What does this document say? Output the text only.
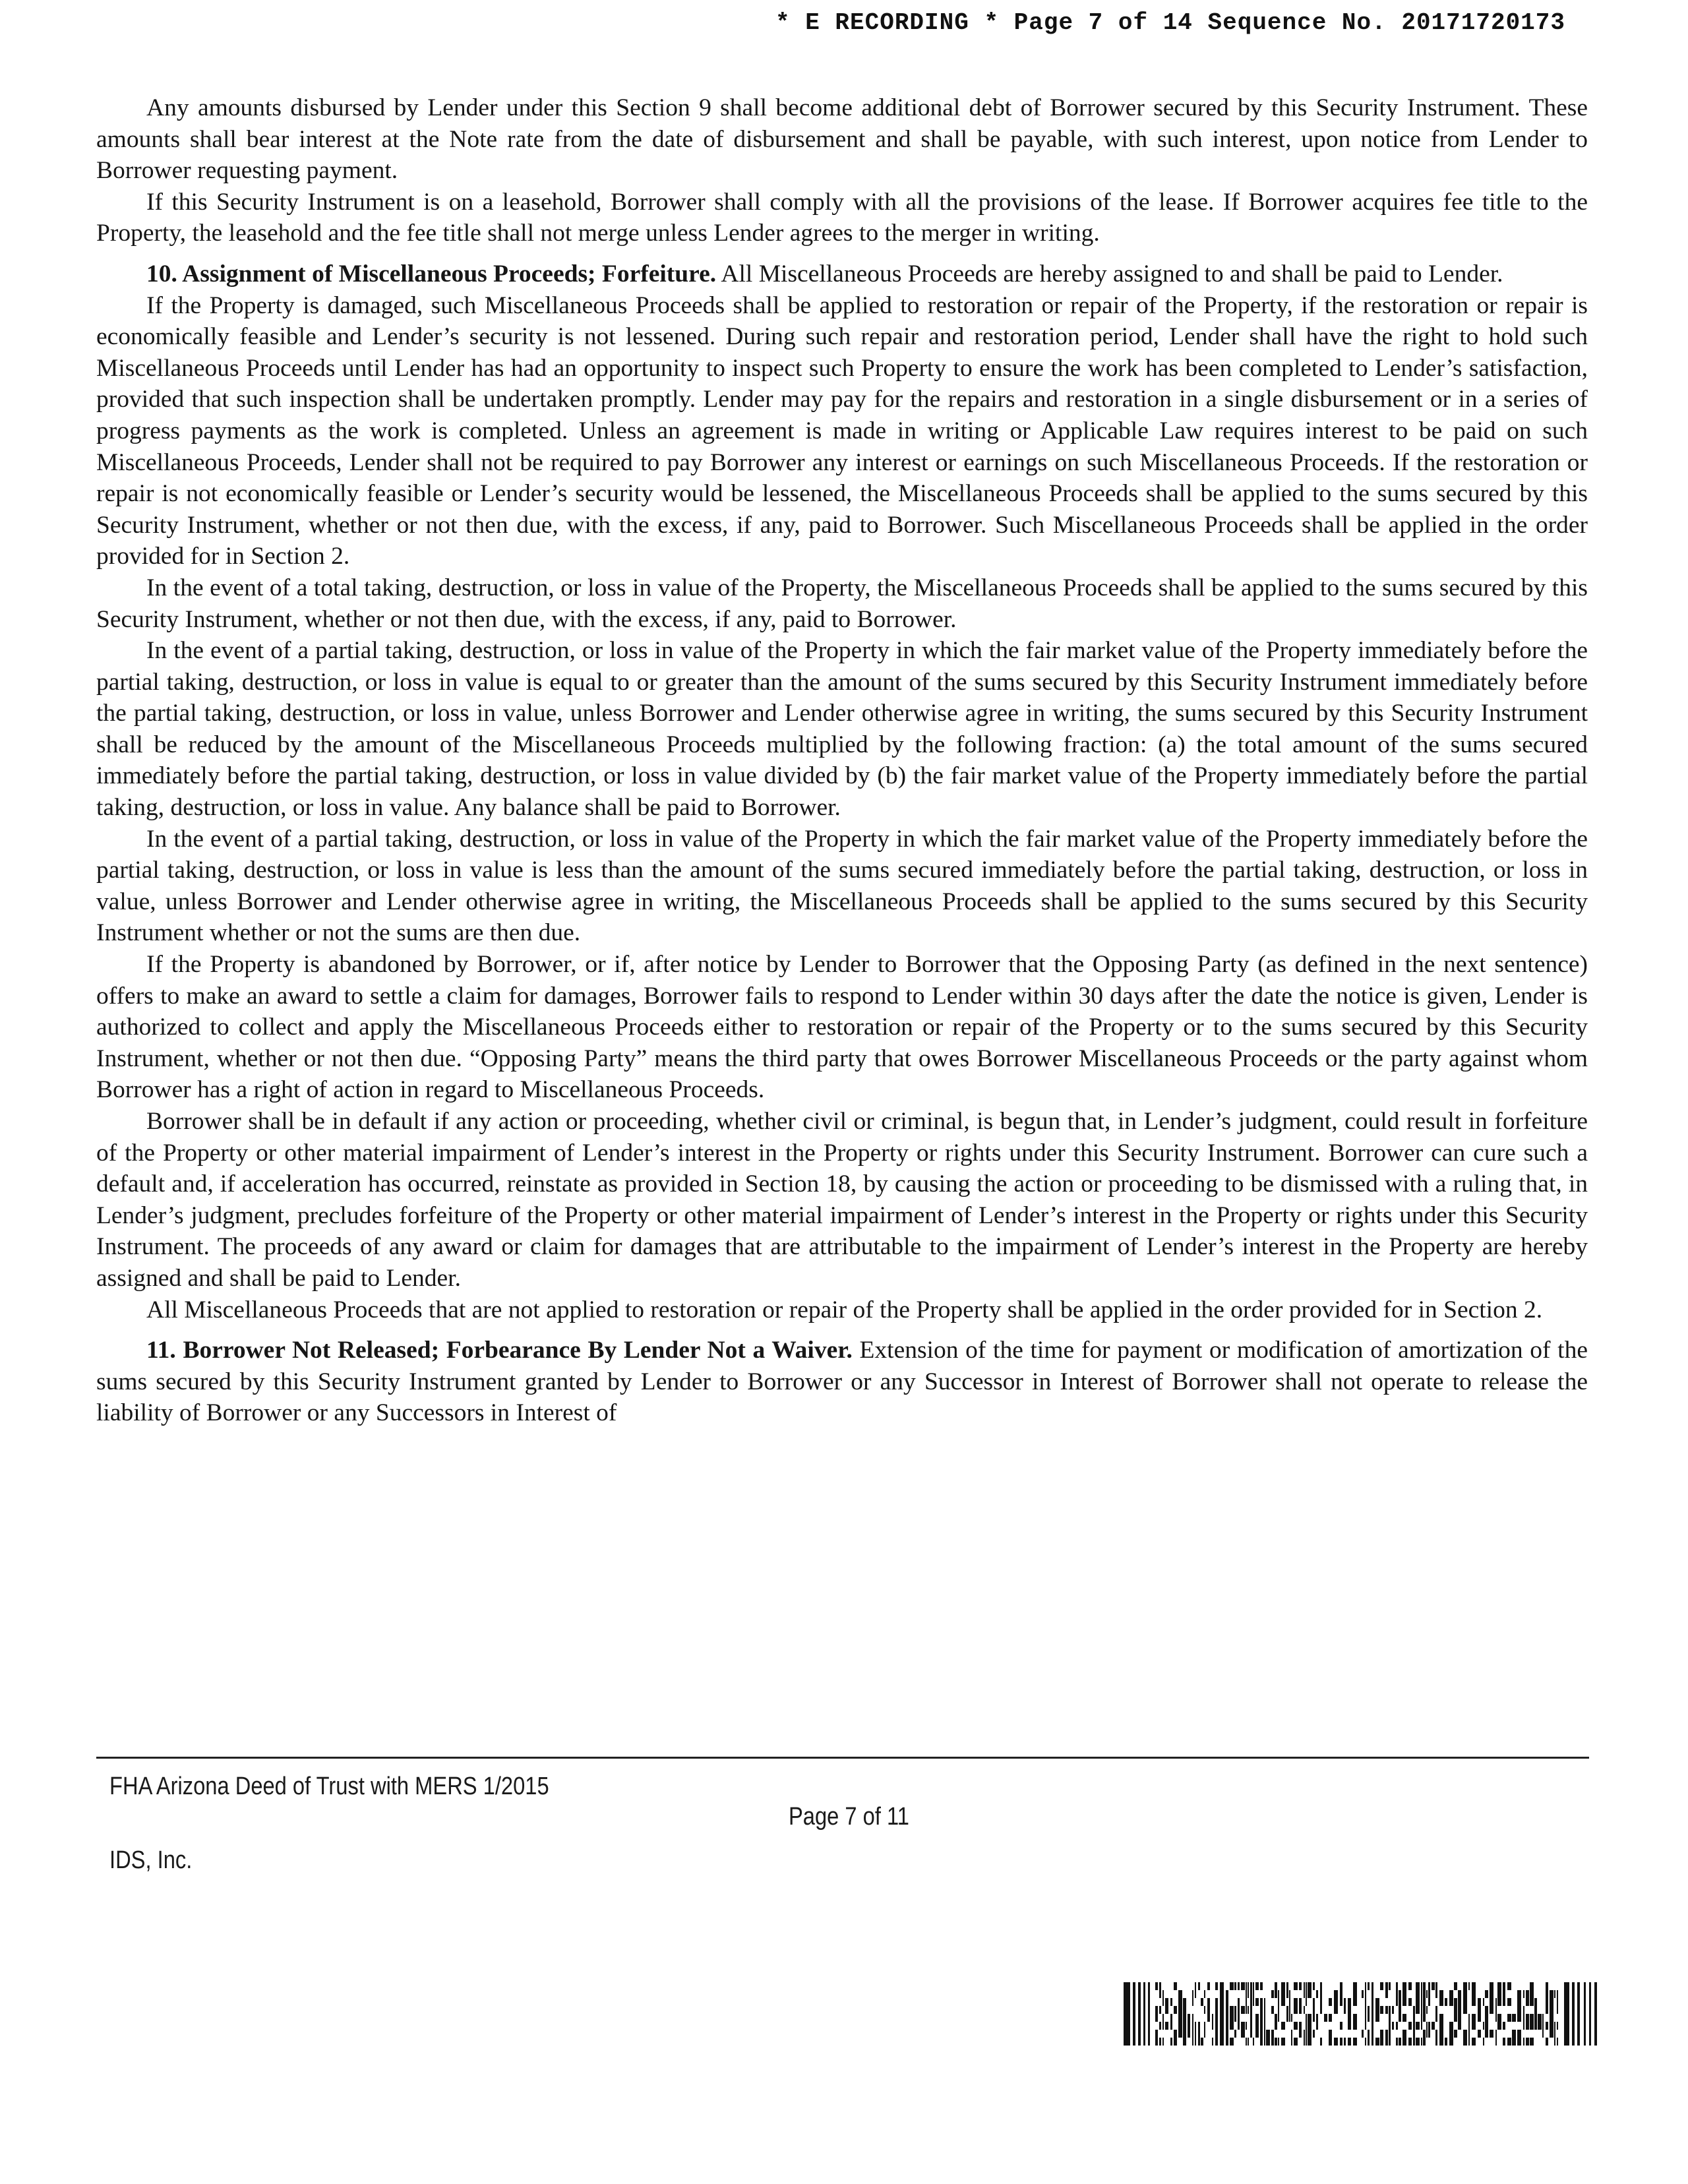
* E RECORDING * Page 7 of 14 Sequence No. 20171720173

Any amounts disbursed by Lender under this Section 9 shall become additional debt of Borrower secured by this Security Instrument. These amounts shall bear interest at the Note rate from the date of disbursement and shall be payable, with such interest, upon notice from Lender to Borrower requesting payment.

If this Security Instrument is on a leasehold, Borrower shall comply with all the provisions of the lease. If Borrower acquires fee title to the Property, the leasehold and the fee title shall not merge unless Lender agrees to the merger in writing.

10. Assignment of Miscellaneous Proceeds; Forfeiture. All Miscellaneous Proceeds are hereby assigned to and shall be paid to Lender.

If the Property is damaged, such Miscellaneous Proceeds shall be applied to restoration or repair of the Property, if the restoration or repair is economically feasible and Lender’s security is not lessened. During such repair and restoration period, Lender shall have the right to hold such Miscellaneous Proceeds until Lender has had an opportunity to inspect such Property to ensure the work has been completed to Lender’s satisfaction, provided that such inspection shall be undertaken promptly. Lender may pay for the repairs and restoration in a single disbursement or in a series of progress payments as the work is completed. Unless an agreement is made in writing or Applicable Law requires interest to be paid on such Miscellaneous Proceeds, Lender shall not be required to pay Borrower any interest or earnings on such Miscellaneous Proceeds. If the restoration or repair is not economically feasible or Lender’s security would be lessened, the Miscellaneous Proceeds shall be applied to the sums secured by this Security Instrument, whether or not then due, with the excess, if any, paid to Borrower. Such Miscellaneous Proceeds shall be applied in the order provided for in Section 2.

In the event of a total taking, destruction, or loss in value of the Property, the Miscellaneous Proceeds shall be applied to the sums secured by this Security Instrument, whether or not then due, with the excess, if any, paid to Borrower.

In the event of a partial taking, destruction, or loss in value of the Property in which the fair market value of the Property immediately before the partial taking, destruction, or loss in value is equal to or greater than the amount of the sums secured by this Security Instrument immediately before the partial taking, destruction, or loss in value, unless Borrower and Lender otherwise agree in writing, the sums secured by this Security Instrument shall be reduced by the amount of the Miscellaneous Proceeds multiplied by the following fraction: (a) the total amount of the sums secured immediately before the partial taking, destruction, or loss in value divided by (b) the fair market value of the Property immediately before the partial taking, destruction, or loss in value. Any balance shall be paid to Borrower.

In the event of a partial taking, destruction, or loss in value of the Property in which the fair market value of the Property immediately before the partial taking, destruction, or loss in value is less than the amount of the sums secured immediately before the partial taking, destruction, or loss in value, unless Borrower and Lender otherwise agree in writing, the Miscellaneous Proceeds shall be applied to the sums secured by this Security Instrument whether or not the sums are then due.

If the Property is abandoned by Borrower, or if, after notice by Lender to Borrower that the Opposing Party (as defined in the next sentence) offers to make an award to settle a claim for damages, Borrower fails to respond to Lender within 30 days after the date the notice is given, Lender is authorized to collect and apply the Miscellaneous Proceeds either to restoration or repair of the Property or to the sums secured by this Security Instrument, whether or not then due. “Opposing Party” means the third party that owes Borrower Miscellaneous Proceeds or the party against whom Borrower has a right of action in regard to Miscellaneous Proceeds.

Borrower shall be in default if any action or proceeding, whether civil or criminal, is begun that, in Lender’s judgment, could result in forfeiture of the Property or other material impairment of Lender’s interest in the Property or rights under this Security Instrument. Borrower can cure such a default and, if acceleration has occurred, reinstate as provided in Section 18, by causing the action or proceeding to be dismissed with a ruling that, in Lender’s judgment, precludes forfeiture of the Property or other material impairment of Lender’s interest in the Property or rights under this Security Instrument. The proceeds of any award or claim for damages that are attributable to the impairment of Lender’s interest in the Property are hereby assigned and shall be paid to Lender.

All Miscellaneous Proceeds that are not applied to restoration or repair of the Property shall be applied in the order provided for in Section 2.

11. Borrower Not Released; Forbearance By Lender Not a Waiver. Extension of the time for payment or modification of amortization of the sums secured by this Security Instrument granted by Lender to Borrower or any Successor in Interest of Borrower shall not operate to release the liability of Borrower or any Successors in Interest of

FHA Arizona Deed of Trust with MERS 1/2015
Page 7 of 11
IDS, Inc.
